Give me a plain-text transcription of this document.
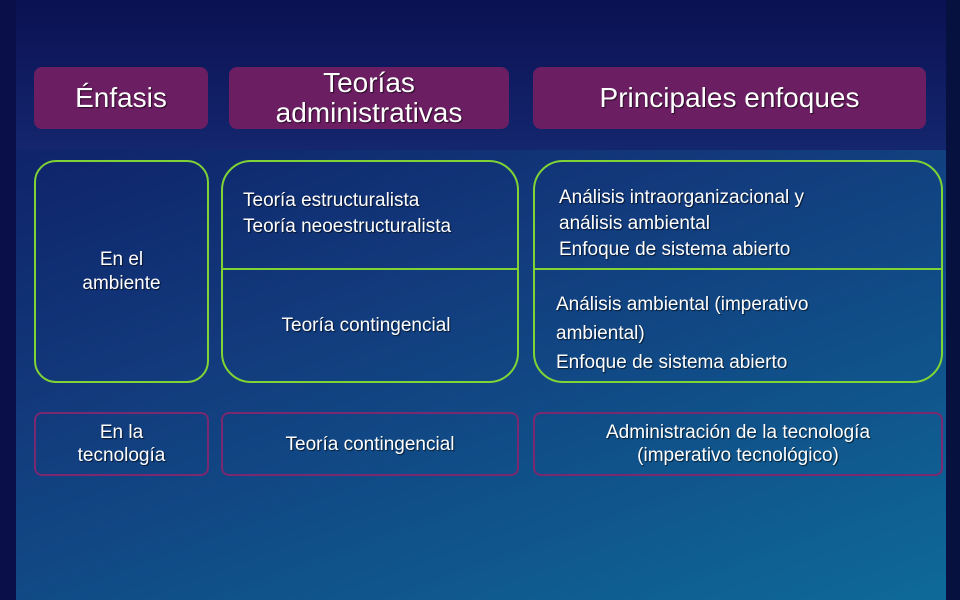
Énfasis	Teorías
administrativas	Principales enfoques
En el
ambiente
Teoría estructuralista
Teoría neoestructuralista
Teoría contingencial
Análisis intraorganizacional y
análisis ambiental
Enfoque de sistema abierto
Análisis ambiental (imperativo
ambiental)
Enfoque de sistema abierto
En la
tecnología
Teoría contingencial
Administración de la tecnología
(imperativo tecnológico)
